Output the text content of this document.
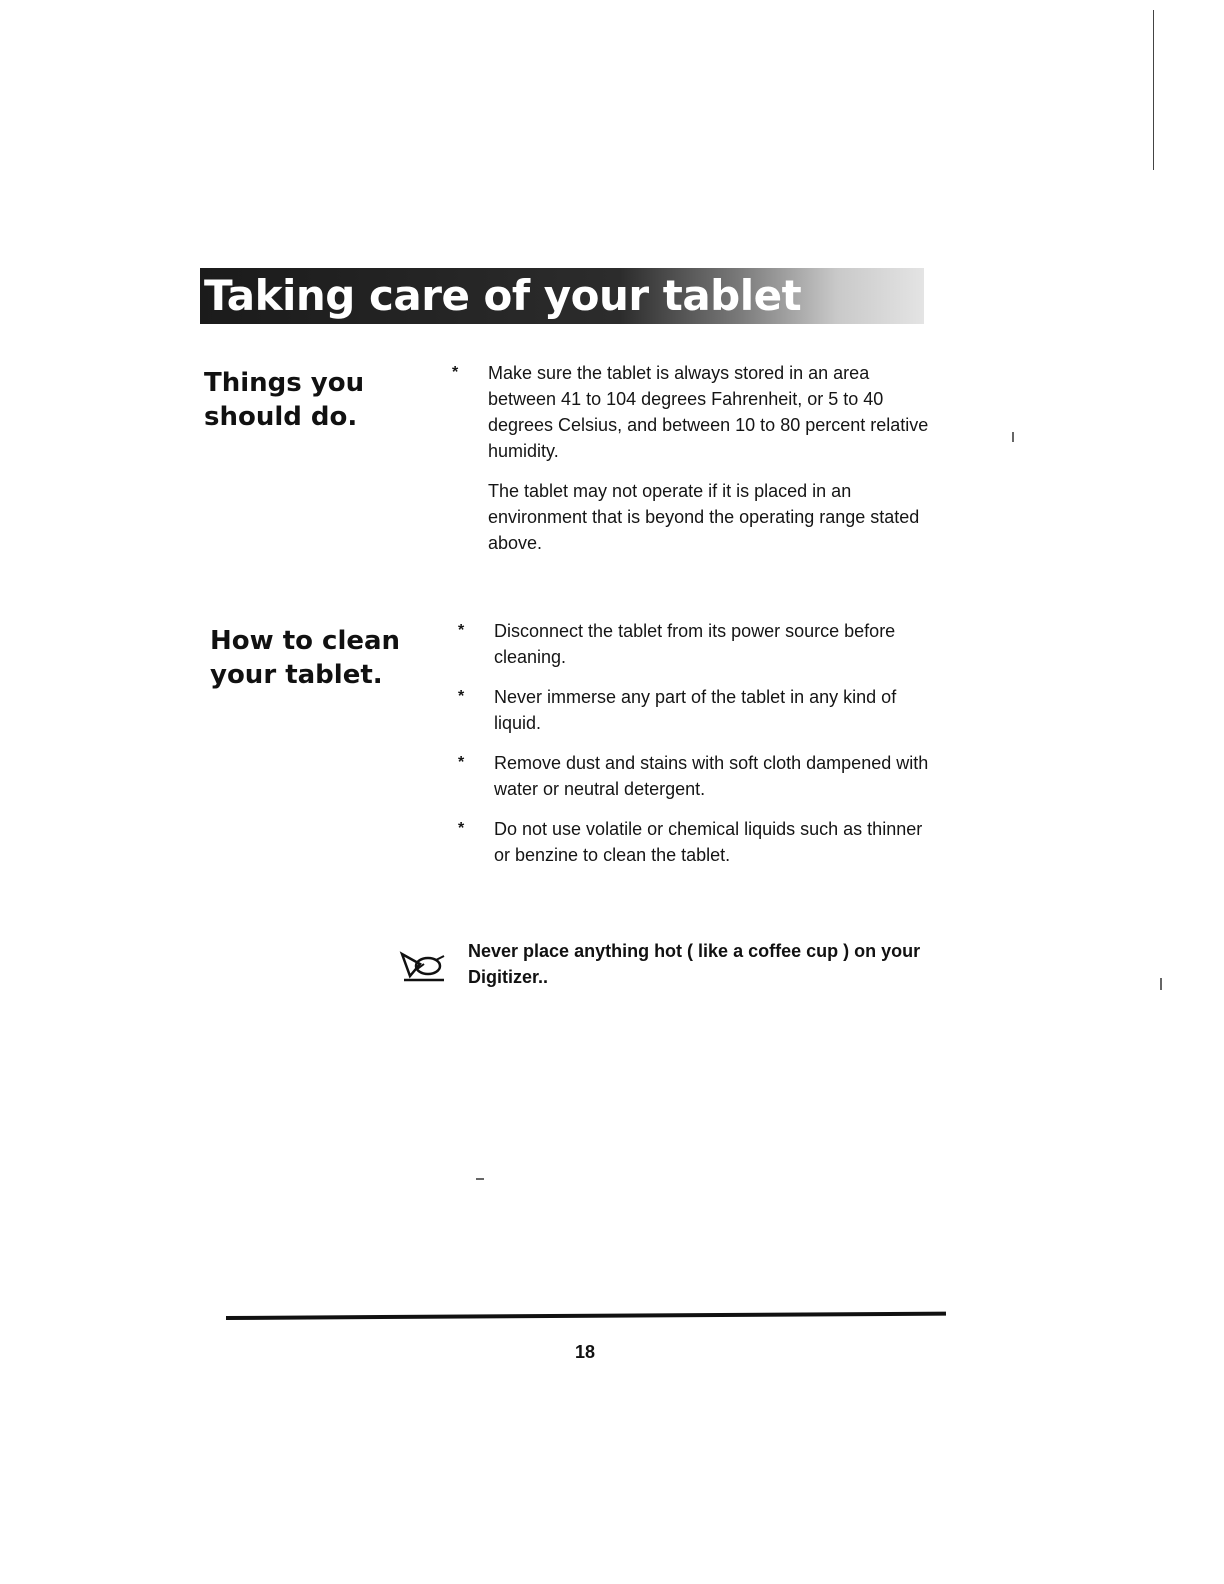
Taking care of your tablet
Things you
should do.
* Make sure the tablet is always stored in an area between 41 to 104 degrees Fahrenheit, or 5 to 40 degrees Celsius, and between 10 to 80 percent relative humidity.

The tablet may not operate if it is placed in an environment that is beyond the operating range stated above.

How to clean
your tablet.
* Disconnect the tablet from its power source before cleaning.
* Never immerse any part of the tablet in any kind of liquid.
* Remove dust and stains with soft cloth dampened with water or neutral detergent.
* Do not use volatile or chemical liquids such as thinner or benzine to clean the tablet.
Never place anything hot ( like a coffee cup ) on your Digitizer..
18
